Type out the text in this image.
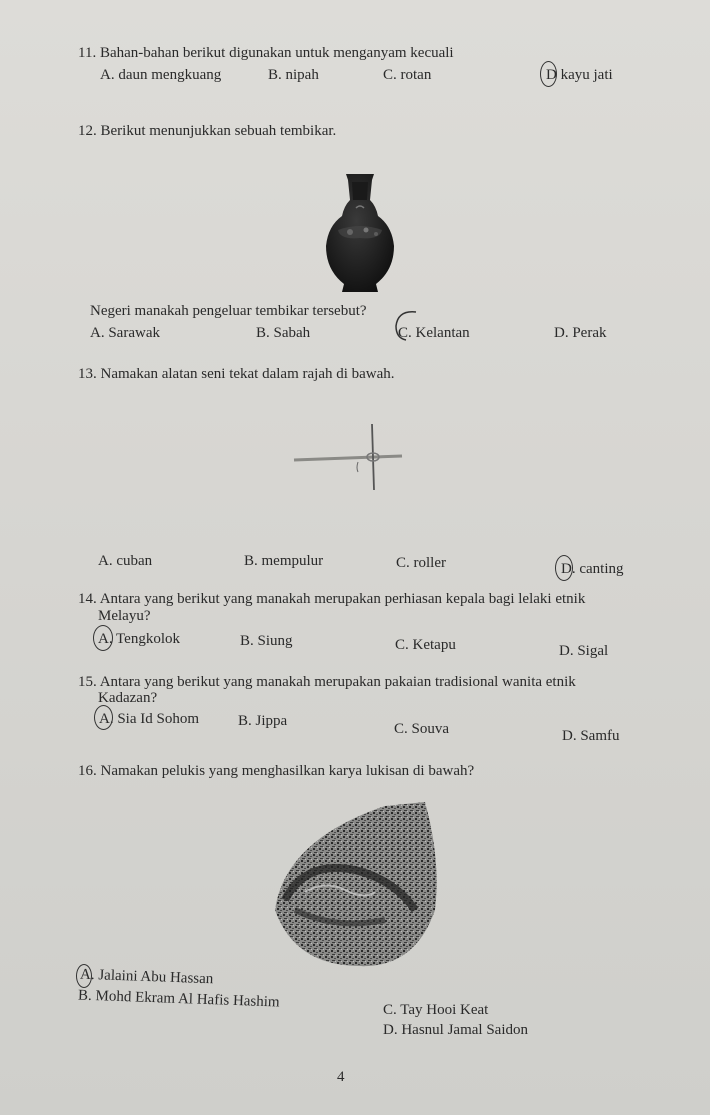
11. Bahan-bahan berikut digunakan untuk menganyam kecuali
A. daun mengkuang	B. nipah	C. rotan	D kayu jati
12. Berikut menunjukkan sebuah tembikar.
Negeri manakah pengeluar tembikar tersebut?
A. Sarawak	B. Sabah	C. Kelantan	D. Perak
13. Namakan alatan seni tekat dalam rajah di bawah.
A. cuban	B. mempulur	C. roller	D. canting
14. Antara yang berikut yang manakah merupakan perhiasan kepala bagi lelaki etnik
Melayu?
A. Tengkolok	B. Siung	C. Ketapu	D. Sigal
15. Antara yang berikut yang manakah merupakan pakaian tradisional wanita etnik
Kadazan?
A. Sia Id Sohom	B. Jippa	C. Souva	D. Samfu
16. Namakan pelukis yang menghasilkan karya lukisan di bawah?
A. Jalaini Abu Hassan
B. Mohd Ekram Al Hafis Hashim	C. Tay Hooi Keat
D. Hasnul Jamal Saidon
4
